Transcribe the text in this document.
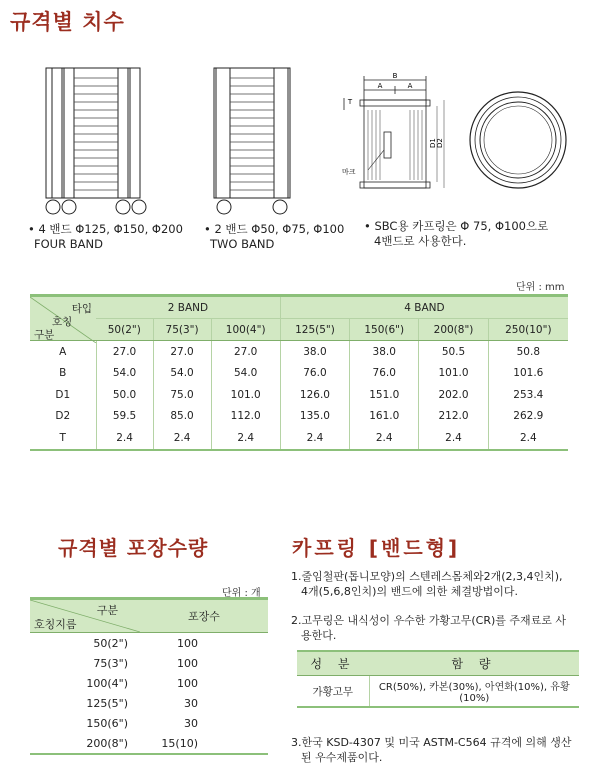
규격별 치수
B
A	A
T
D1 D2
마크
• 4 밴드 Φ125, Φ150, Φ200
FOUR BAND
• 2 밴드 Φ50, Φ75, Φ100
TWO BAND
• SBC용 카프링은 Φ 75, Φ100으로
4밴드로 사용한다.
단위 : mm
타입
호칭
구분	2 BAND			4 BAND			
	50(2")	75(3")	100(4")	125(5")	150(6")	200(8")	250(10")
A	27.0	27.0	27.0	38.0	38.0	50.5	50.8
B	54.0	54.0	54.0	76.0	76.0	101.0	101.6
D1	50.0	75.0	101.0	126.0	151.0	202.0	253.4
D2	59.5	85.0	112.0	135.0	161.0	212.0	262.9
T	2.4	2.4	2.4	2.4	2.4	2.4	2.4
규격별 포장수량
단위 : 개
구분
호칭지름	포장수
50(2")	100
75(3")	100
100(4")	100
125(5")	30
150(6")	30
200(8")	15(10)
카프링 [밴드형]
1.줄임철판(톱니모양)의 스텐레스몸체와2개(2,3,4인치),
4개(5,6,8인치)의 밴드에 의한 체결방법이다.
2.고무링은 내식성이 우수한 가황고무(CR)를 주재료로 사
용한다.
성 분	함 량
가황고무	CR(50%), 카본(30%), 아연화(10%), 유황(10%)
3.한국 KSD-4307 및 미국 ASTM-C564 규격에 의해 생산
된 우수제품이다.
